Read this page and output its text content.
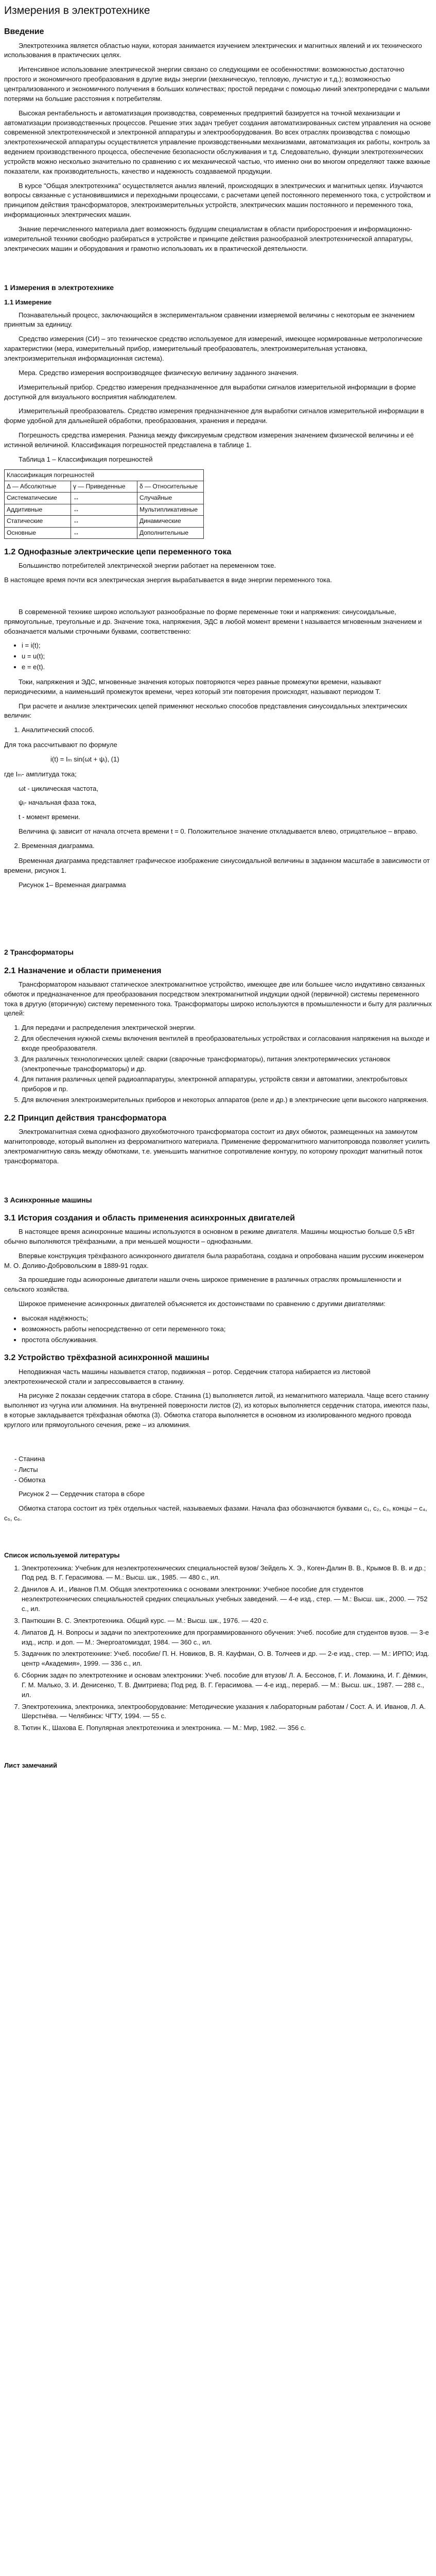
Измерения в электротехнике
Введение

Электротехника является областью науки, которая занимается изучением электрических и магнитных явлений и их технического использования в практических целях.

Интенсивное использование электрической энергии связано со следующими ее особенностями: возможностью достаточно простого и экономичного преобразования в другие виды энергии (механическую, тепловую, лучистую и т.д.); возможностью централизованного и экономичного получения в больших количествах; простой передачи с помощью линий электропередачи с малыми потерями на большие расстояния к потребителям.

Высокая рентабельность и автоматизация производства, современных предприятий базируется на точной механизации и автоматизации производственных процессов. Решение этих задач требует создания автоматизированных систем управления на основе современной электротехнической и электронной аппаратуры и электрооборудования. Во всех отраслях производства с помощью электротехнической аппаратуры осуществляется управление производственными механизмами, автоматизация их работы, контроль за ведением производственного процесса, обеспечение безопасности обслуживания и т.д. Следовательно, функции электротехнических устройств можно несколько значительно по сравнению с их механической частью, что именно они во многом определяют также важные показатели, как производительность, качество и надежность создаваемой продукции.

В курсе "Общая электротехника" осуществляется анализ явлений, происходящих в электрических и магнитных цепях. Изучаются вопросы связанные с установившимися и переходными процессами, с расчетами цепей постоянного переменного тока, с устройством и принципом действия трансформаторов, электроизмерительных устройств, электрических машин постоянного и переменного тока, информационных электрических машин.

Знание перечисленного материала дает возможность будущим специалистам в области приборостроения и информационно-измерительной техники свободно разбираться в устройстве и принципе действия разнообразной электротехнической аппаратуры, электрических машин и оборудования и грамотно использовать их в практической деятельности.

1 Измерения в электротехнике
1.1 Измерение

Познавательный процесс, заключающийся в экспериментальном сравнении измеряемой величины с некоторым ее значением принятым за единицу.

Средство измерения (СИ) – это техническое средство используемое для измерений, имеющее нормированные метрологические характеристики (мера, измерительный прибор, измерительный преобразователь, электроизмерительная установка, электроизмерительная информационная система).

Мера. Средство измерения воспроизводящее физическую величину заданного значения.

Измерительный прибор. Средство измерения предназначенное для выработки сигналов измерительной информации в форме доступной для визуального восприятия наблюдателем.

Измерительный преобразователь. Средство измерения предназначенное для выработки сигналов измерительной информации в форме удобной для дальнейшей обработки, преобразования, хранения и передачи.

Погрешность средства измерения. Разница между фиксируемым средством измерения значением физической величины и её истинной величиной. Классификация погрешностей представлена в таблице 1.

Таблица 1 – Классификация погрешностей

Классификация погрешностей		
Δ — Абсолютные	γ — Приведенные	δ — Относительные
Систематические	↔	Случайные
Аддитивные	↔	Мультипликативные
Статические	↔	Динамические
Основные	↔	Дополнительные
1.2 Однофазные электрические цепи переменного тока

Большинство потребителей электрической энергии работает на переменном токе.

В настоящее время почти вся электрическая энергия вырабатывается в виде энергии переменного тока.

В современной технике широко используют разнообразные по форме переменные токи и напряжения: синусоидальные, прямоугольные, треугольные и др. Значение тока, напряжения, ЭДС в любой момент времени t называется мгновенным значением и обозначается малыми строчными буквами, соответственно:

• i = i(t);
• u = u(t);
• e = e(t).

Токи, напряжения и ЭДС, мгновенные значения которых повторяются через равные промежутки времени, называют периодическими, а наименьший промежуток времени, через который эти повторения происходят, называют периодом Т.

При расчете и анализе электрических цепей применяют несколько способов представления синусоидальных электрических величин:

1. Аналитический способ.

Для тока рассчитывают по формуле

i(t) = Iₘ sin(ωt + ψᵢ), (1)

где Iₘ- амплитуда тока;

ωt - циклическая частота,

ψᵢ- начальная фаза тока,

t - момент времени.

Величина ψᵢ зависит от начала отсчета времени t = 0. Положительное значение откладывается влево, отрицательное – вправо.

2. Временная диаграмма.

Временная диаграмма представляет графическое изображение синусоидальной величины в заданном масштабе в зависимости от времени, рисунок 1.

Рисунок 1– Временная диаграмма

2 Трансформаторы
2.1 Назначение и области применения

Трансформатором называют статическое электромагнитное устройство, имеющее две или большее число индуктивно связанных обмоток и предназначенное для преобразования посредством электромагнитной индукции одной (первичной) системы переменного тока в другую (вторичную) систему переменного тока. Трансформаторы широко используются в промышленности и быту для различных целей:

1. Для передачи и распределения электрической энергии.
2. Для обеспечения нужной схемы включения вентилей в преобразовательных устройствах и согласования напряжения на выходе и входе преобразователя.
3. Для различных технологических целей: сварки (сварочные трансформаторы), питания электротермических установок (электропечные трансформаторы) и др.
4. Для питания различных цепей радиоаппаратуры, электронной аппаратуры, устройств связи и автоматики, электробытовых приборов и пр.
5. Для включения электроизмерительных приборов и некоторых аппаратов (реле и др.) в электрические цепи высокого напряжения.
2.2 Принцип действия трансформатора

Электромагнитная схема однофазного двухобмоточного трансформатора состоит из двух обмоток, размещенных на замкнутом магнитопроводе, который выполнен из ферромагнитного материала. Применение ферромагнитного магнитопровода позволяет усилить электромагнитную связь между обмотками, т.е. уменьшить магнитное сопротивление контуру, по которому проходит магнитный поток трансформатора.

3 Асинхронные машины
3.1 История создания и область применения асинхронных двигателей

В настоящее время асинхронные машины используются в основном в режиме двигателя. Машины мощностью больше 0,5 кВт обычно выполняются трёхфазными, а при меньшей мощности – однофазными.

Впервые конструкция трёхфазного асинхронного двигателя была разработана, создана и опробована нашим русским инженером М. О. Доливо-Добровольским в 1889-91 годах.

За прошедшие годы асинхронные двигатели нашли очень широкое применение в различных отраслях промышленности и сельского хозяйства.

Широкое применение асинхронных двигателей объясняется их достоинствами по сравнению с другими двигателями:

• высокая надёжность;
• возможность работы непосредственно от сети переменного тока;
• простота обслуживания.
3.2 Устройство трёхфазной асинхронной машины

Неподвижная часть машины называется статор, подвижная – ротор. Сердечник статора набирается из листовой электротехнической стали и запрессовывается в станину.

На рисунке 2 показан сердечник статора в сборе. Станина (1) выполняется литой, из немагнитного материала. Чаще всего станину выполняют из чугуна или алюминия. На внутренней поверхности листов (2), из которых выполняется сердечник статора, имеются пазы, в которые закладывается трёхфазная обмотка (3). Обмотка статора выполняется в основном из изолированного медного провода круглого или прямоугольного сечения, реже – из алюминия.

- Станина
- Листы
- Обмотка

Рисунок 2 — Сердечник статора в сборе

Обмотка статора состоит из трёх отдельных частей, называемых фазами. Начала фаз обозначаются буквами c₁, c₂, c₃, концы – c₄, c₅, c₆.

Список используемой литературы
1. Электротехника: Учебник для неэлектротехнических специальностей вузов/ Зейдель Х. Э., Коген-Далин В. В., Крымов В. В. и др.; Под ред. В. Г. Герасимова. — М.: Высш. шк., 1985. — 480 с., ил.
2. Данилов А. И., Иванов П.М. Общая электротехника с основами электроники: Учебное пособие для студентов неэлектротехнических специальностей средних специальных учебных заведений. — 4-е изд., стер. — М.: Высш. шк., 2000. — 752 с., ил.
3. Пантюшин В. С. Электротехника. Общий курс. — М.: Высш. шк., 1976. — 420 с.
4. Липатов Д. Н. Вопросы и задачи по электротехнике для программированного обучения: Учеб. пособие для студентов вузов. — 3-е изд., испр. и доп. — М.: Энергоатомиздат, 1984. — 360 с., ил.
5. Задачник по электротехнике: Учеб. пособие/ П. Н. Новиков, В. Я. Кауфман, О. В. Толчеев и др. — 2-е изд., стер. — М.: ИРПО; Изд. центр «Академия», 1999. — 336 с., ил.
6. Сборник задач по электротехнике и основам электроники: Учеб. пособие для втузов/ Л. А. Бессонов, Г. И. Ломакина, И. Г. Дёмкин, Г. М. Малько, З. И. Денисенко, Т. В. Дмитриева; Под ред. В. Г. Герасимова. — 4-е изд., перераб. — М.: Высш. шк., 1987. — 288 с., ил.
7. Электротехника, электроника, электрооборудование: Методические указания к лабораторным работам / Сост. А. И. Иванов, Л. А. Шерстнёва. — Челябинск: ЧГТУ, 1994. — 55 с.
8. Тютин К., Шахова Е. Популярная электротехника и электроника. — М.: Мир, 1982. — 356 с.
Лист замечаний
